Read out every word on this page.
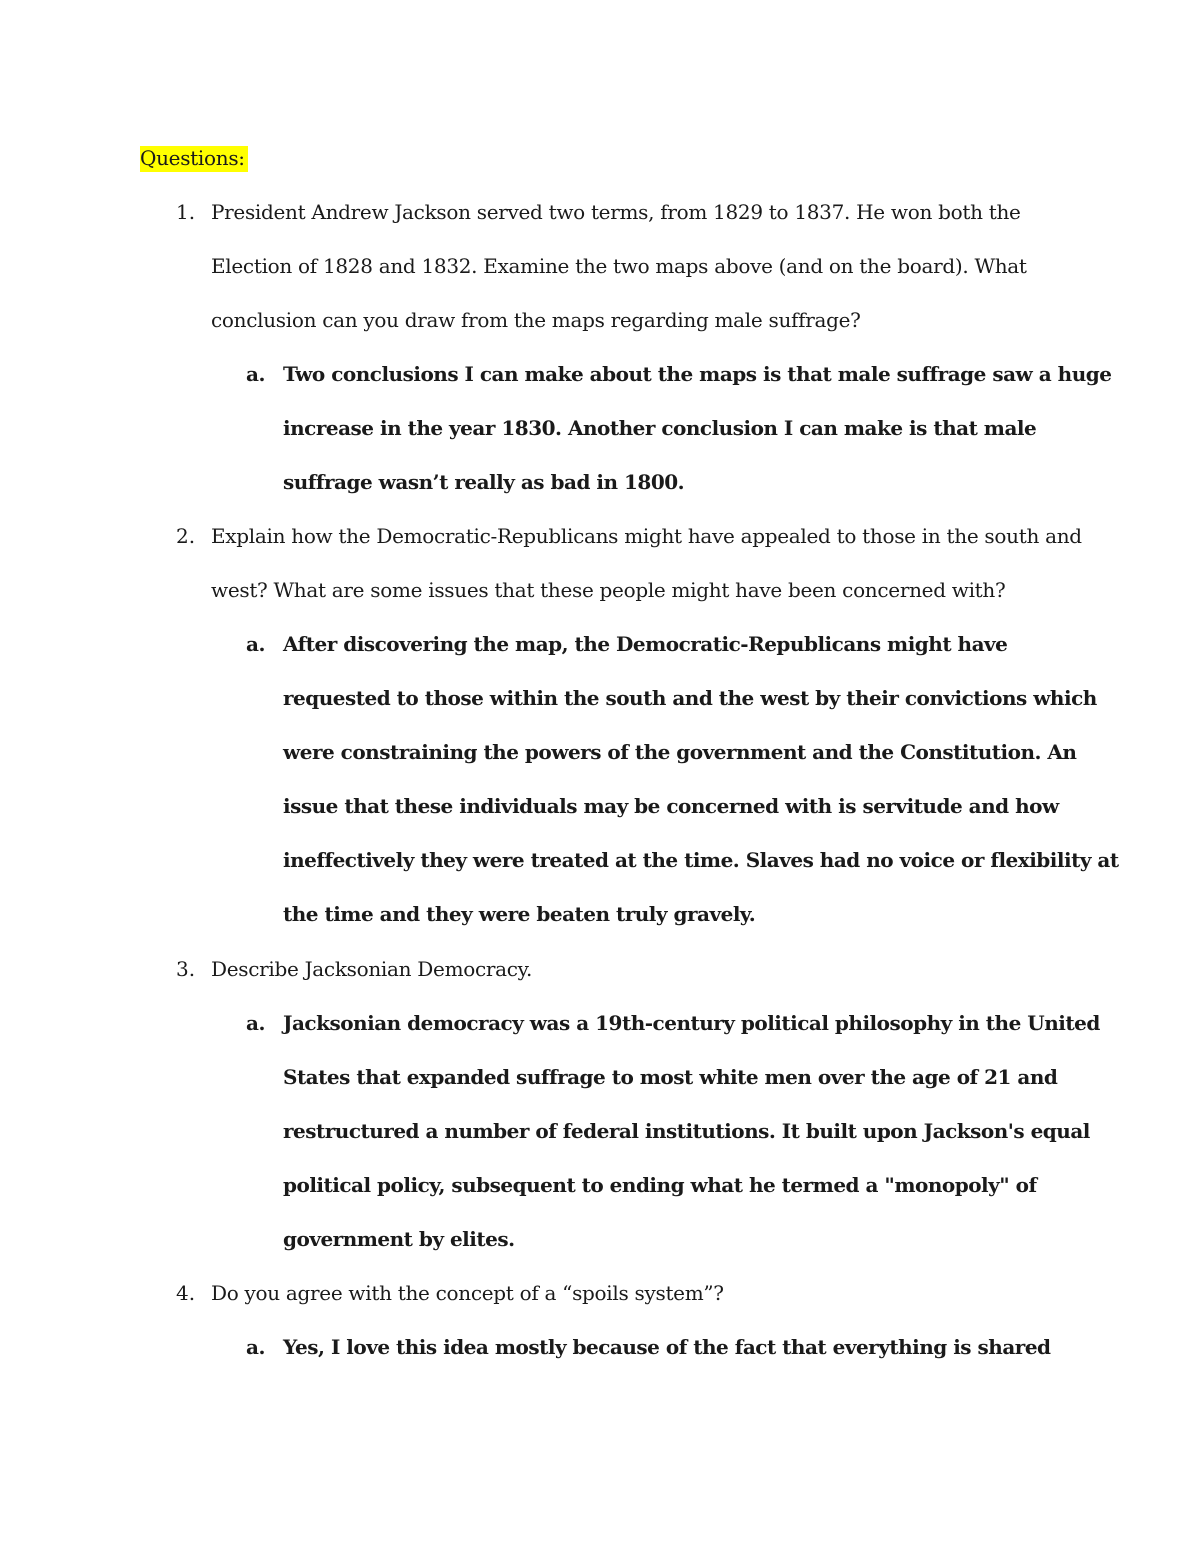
Questions:
1. President Andrew Jackson served two terms, from 1829 to 1837. He won both the
Election of 1828 and 1832. Examine the two maps above (and on the board). What
conclusion can you draw from the maps regarding male suffrage?
a. Two conclusions I can make about the maps is that male suffrage saw a huge
increase in the year 1830. Another conclusion I can make is that male
suffrage wasn’t really as bad in 1800.
2. Explain how the Democratic-Republicans might have appealed to those in the south and
west? What are some issues that these people might have been concerned with?
a. After discovering the map, the Democratic-Republicans might have
requested to those within the south and the west by their convictions which
were constraining the powers of the government and the Constitution. An
issue that these individuals may be concerned with is servitude and how
ineffectively they were treated at the time. Slaves had no voice or flexibility at
the time and they were beaten truly gravely.
3. Describe Jacksonian Democracy.
a. Jacksonian democracy was a 19th-century political philosophy in the United
States that expanded suffrage to most white men over the age of 21 and
restructured a number of federal institutions. It built upon Jackson's equal
political policy, subsequent to ending what he termed a "monopoly" of
government by elites.
4. Do you agree with the concept of a “spoils system”?
a. Yes, I love this idea mostly because of the fact that everything is shared
